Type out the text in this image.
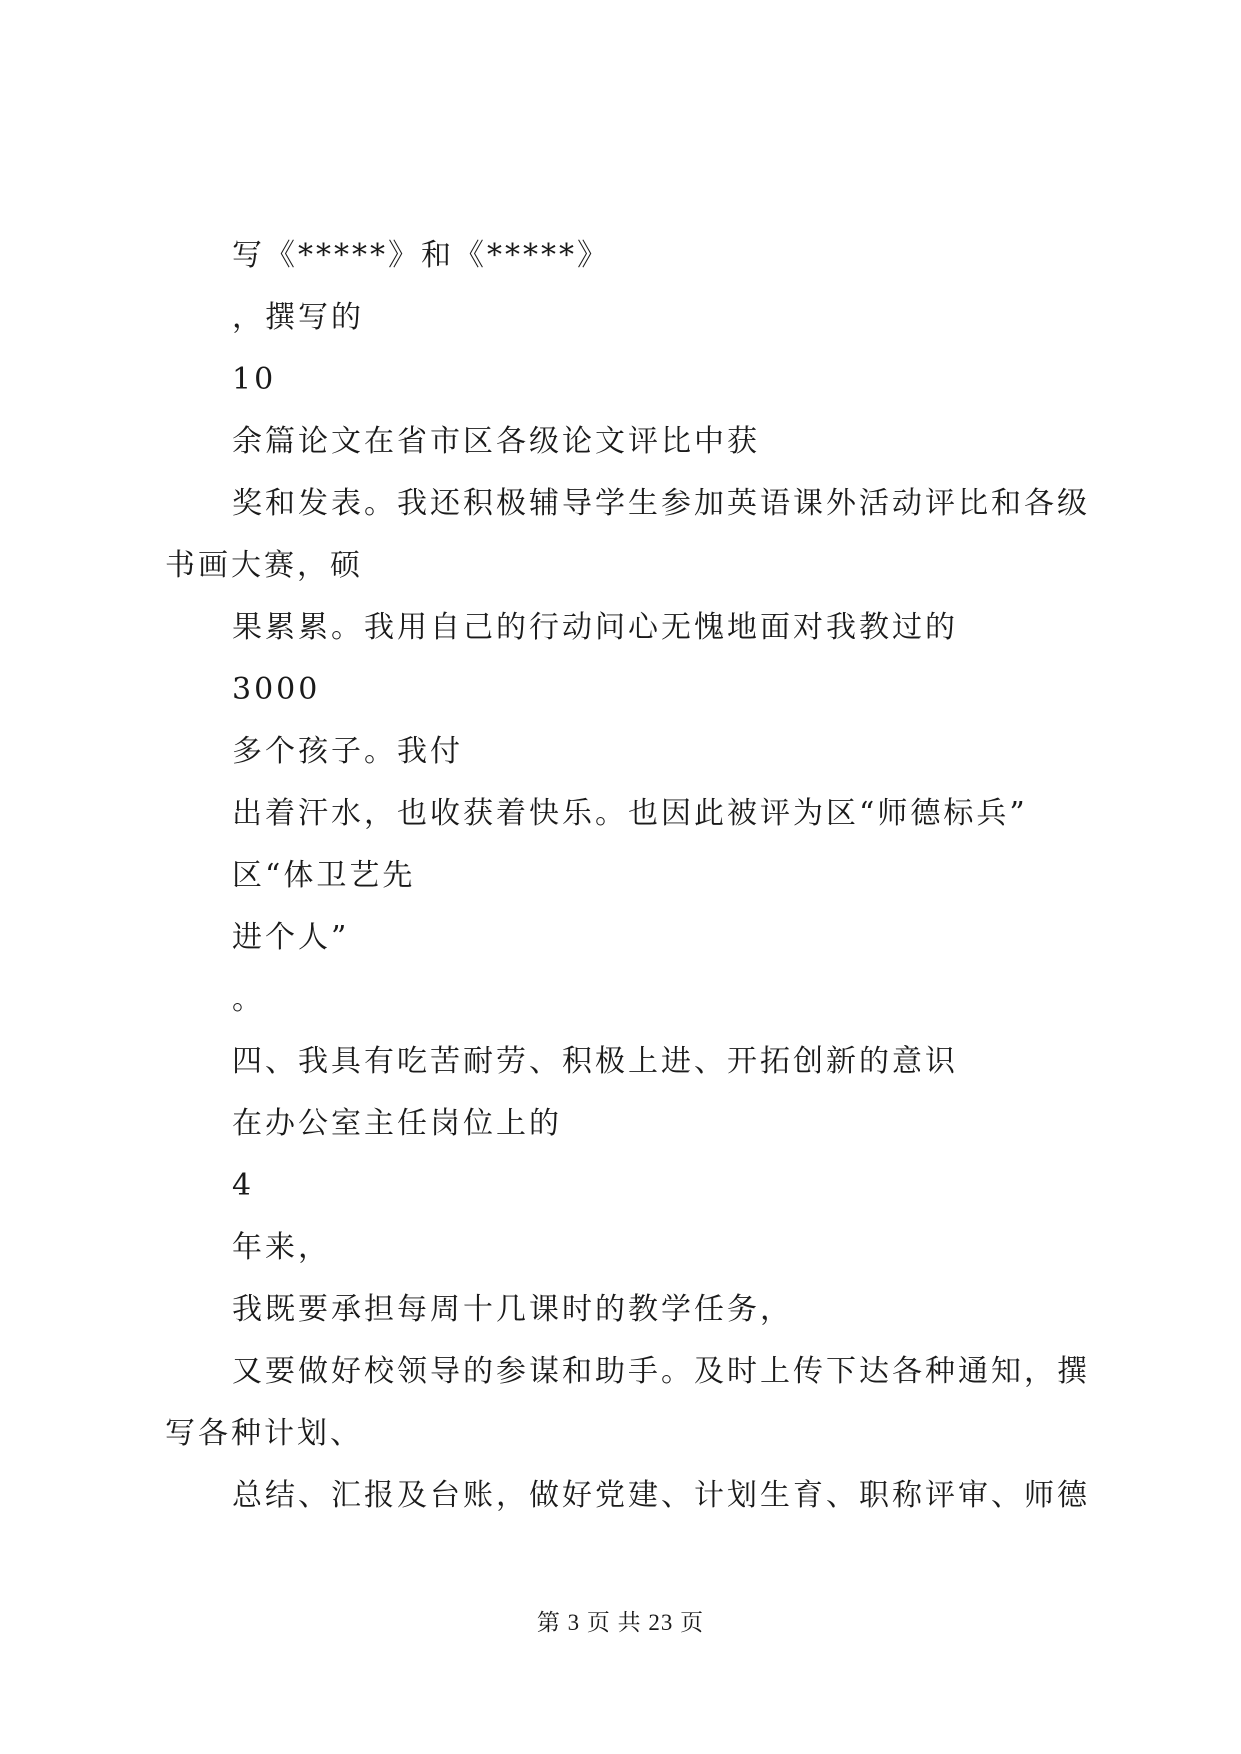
写《*****》和《*****》
，撰写的
10
余篇论文在省市区各级论文评比中获
奖和发表。我还积极辅导学生参加英语课外活动评比和各级
书画大赛，硕
果累累。我用自己的行动问心无愧地面对我教过的
3000
多个孩子。我付
出着汗水，也收获着快乐。也因此被评为区“师德标兵”
区“体卫艺先
进个人”
。
四、我具有吃苦耐劳、积极上进、开拓创新的意识
在办公室主任岗位上的
4
年来，
我既要承担每周十几课时的教学任务，
又要做好校领导的参谋和助手。及时上传下达各种通知，撰
写各种计划、
总结、汇报及台账，做好党建、计划生育、职称评审、师德
第 3 页 共 23 页
